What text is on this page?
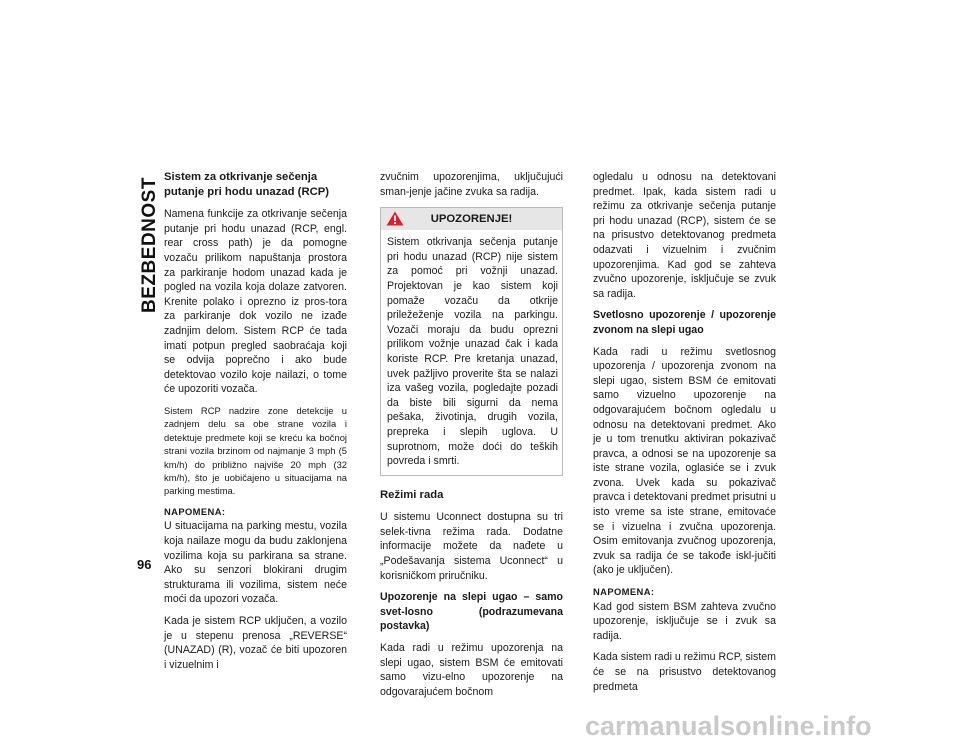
BEZBEDNOST
96
Sistem za otkrivanje sečenja putanje pri hodu unazad (RCP)

Namena funkcije za otkrivanje sečenja putanje pri hodu unazad (RCP, engl. rear cross path) je da pomogne vozaču prilikom napuštanja prostora za parkiranje hodom unazad kada je pogled na vozila koja dolaze zatvoren. Krenite polako i oprezno iz pros-tora za parkiranje dok vozilo ne izađe zadnjim delom. Sistem RCP će tada imati potpun pregled saobraćaja koji se odvija poprečno i ako bude detektovao vozilo koje nailazi, o tome će upozoriti vozača.

Sistem RCP nadzire zone detekcije u zadnjem delu sa obe strane vozila i detektuje predmete koji se kreću ka bočnoj strani vozila brzinom od najmanje 3 mph (5 km/h) do približno najviše 20 mph (32 km/h), što je uobičajeno u situacijama na parking mestima.

NAPOMENA:
U situacijama na parking mestu, vozila koja nailaze mogu da budu zaklonjena vozilima koja su parkirana sa strane. Ako su senzori blokirani drugim strukturama ili vozilima, sistem neće moći da upozori vozača.

Kada je sistem RCP uključen, a vozilo je u stepenu prenosa „REVERSE“ (UNAZAD) (R), vozač će biti upozoren i vizuelnim i

zvučnim upozorenjima, uključujući sman-jenje jačine zvuka sa radija.

UPOZORENJE!
Sistem otkrivanja sečenja putanje pri hodu unazad (RCP) nije sistem za pomoć pri vožnji unazad. Projektovan je kao sistem koji pomaže vozaču da otkrije priležeženje vozila na parkingu. Vozači moraju da budu oprezni prilikom vožnje unazad čak i kada koriste RCP. Pre kretanja unazad, uvek pažljivo proverite šta se nalazi iza vašeg vozila, pogledajte pozadi da biste bili sigurni da nema pešaka, životinja, drugih vozila, prepreka i slepih uglova. U suprotnom, može doći do teških povreda i smrti.
Režimi rada

U sistemu Uconnect dostupna su tri selek-tivna režima rada. Dodatne informacije možete da nađete u „Podešavanja sistema Uconnect“ u korisničkom priručniku.

Upozorenje na slepi ugao – samo svet-losno (podrazumevana postavka)

Kada radi u režimu upozorenja na slepi ugao, sistem BSM će emitovati samo vizu-elno upozorenje na odgovarajućem bočnom

ogledalu u odnosu na detektovani predmet. Ipak, kada sistem radi u režimu za otkrivanje sečenja putanje pri hodu unazad (RCP), sistem će se na prisustvo detektovanog predmeta odazvati i vizuelnim i zvučnim upozorenjima. Kad god se zahteva zvučno upozorenje, isključuje se zvuk sa radija.

Svetlosno upozorenje / upozorenje zvonom na slepi ugao

Kada radi u režimu svetlosnog upozorenja / upozorenja zvonom na slepi ugao, sistem BSM će emitovati samo vizuelno upozorenje na odgovarajućem bočnom ogledalu u odnosu na detektovani predmet. Ako je u tom trenutku aktiviran pokazivač pravca, a odnosi se na upozorenje sa iste strane vozila, oglasiće se i zvuk zvona. Uvek kada su pokazivač pravca i detektovani predmet prisutni u isto vreme sa iste strane, emitovaće se i vizuelna i zvučna upozorenja. Osim emitovanja zvučnog upozorenja, zvuk sa radija će se takođe iskl-jučiti (ako je uključen).

NAPOMENA:
Kad god sistem BSM zahteva zvučno upozorenje, isključuje se i zvuk sa radija.

Kada sistem radi u režimu RCP, sistem će se na prisustvo detektovanog predmeta

carmanualsonline.info
